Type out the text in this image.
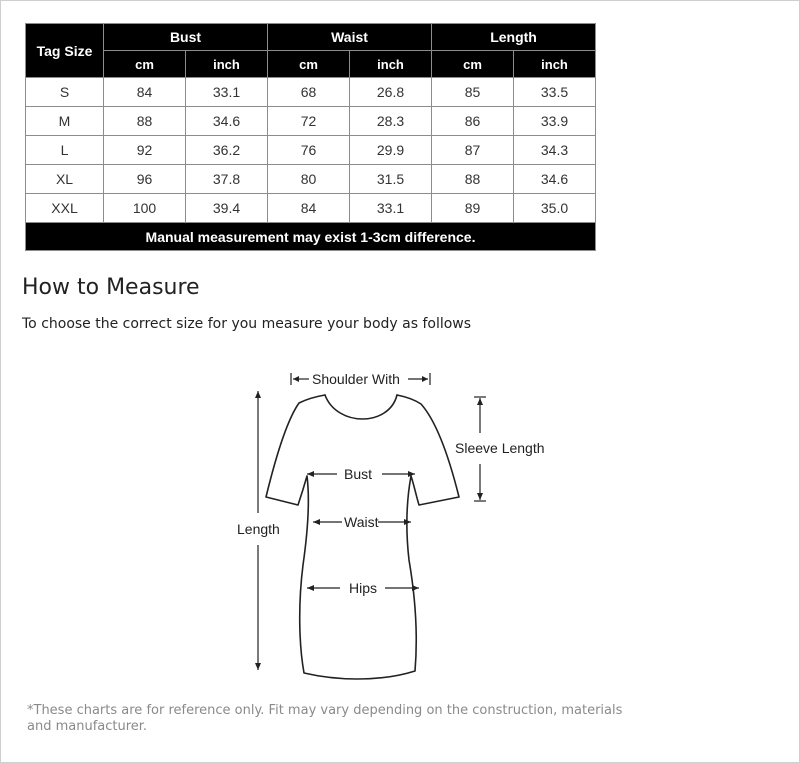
Tag Size	Bust		Waist		Length	
	cm	inch	cm	inch	cm	inch
S	84	33.1	68	26.8	85	33.5
M	88	34.6	72	28.3	86	33.9
L	92	36.2	76	29.9	87	34.3
XL	96	37.8	80	31.5	88	34.6
XXL	100	39.4	84	33.1	89	35.0
Manual measurement may exist 1-3cm difference.						
How to Measure
To choose the correct size for you measure your body as follows
Shoulder With
Sleeve Length
Bust
Waist
Hips
Length
*These charts are for reference only. Fit may vary depending on the construction, materials and manufacturer.
